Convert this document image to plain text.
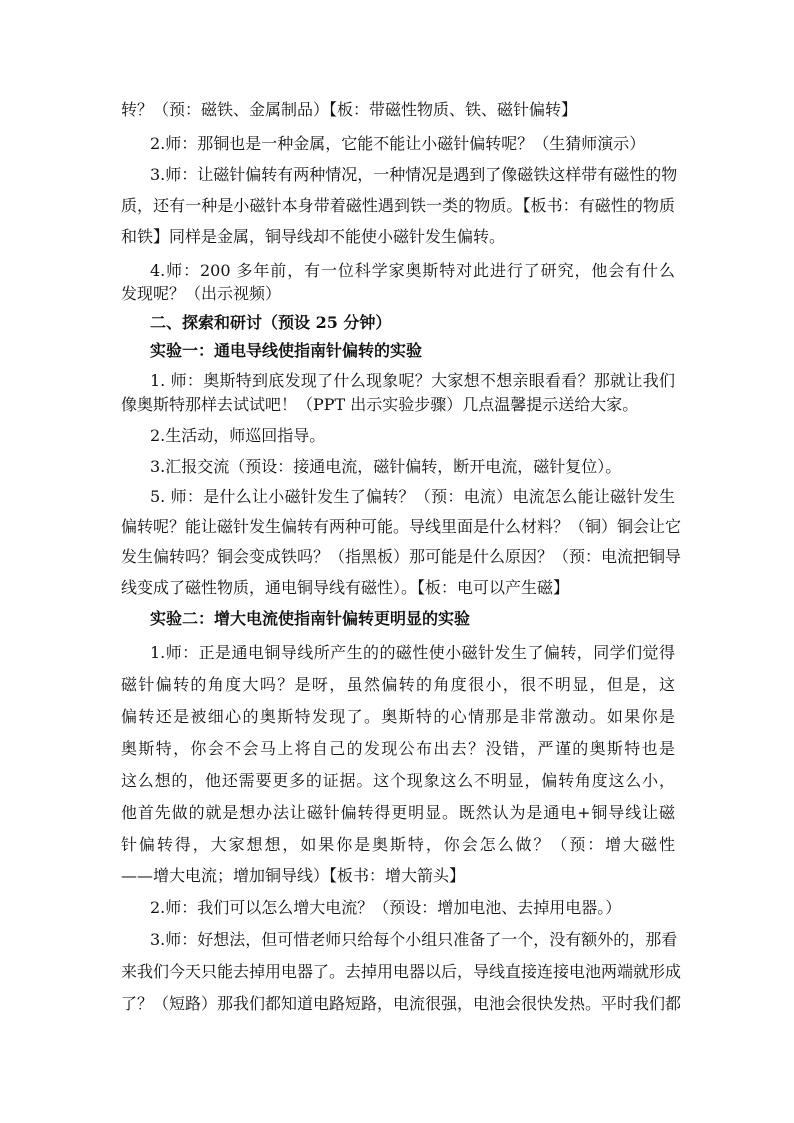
转？（预：磁铁、金属制品）【板：带磁性物质、铁、磁针偏转】
2.师：那铜也是一种金属，它能不能让小磁针偏转呢？（生猜师演示）
3.师：让磁针偏转有两种情况，一种情况是遇到了像磁铁这样带有磁性的物
质，还有一种是小磁针本身带着磁性遇到铁一类的物质。【板书：有磁性的物质
和铁】同样是金属，铜导线却不能使小磁针发生偏转。
4.师：200 多年前，有一位科学家奥斯特对此进行了研究，他会有什么
发现呢？（出示视频）
二、探索和研讨（预设 25 分钟）
实验一：通电导线使指南针偏转的实验
1. 师：奥斯特到底发现了什么现象呢？大家想不想亲眼看看？那就让我们
像奥斯特那样去试试吧！（PPT 出示实验步骤）几点温馨提示送给大家。
2.生活动，师巡回指导。
3.汇报交流（预设：接通电流，磁针偏转，断开电流，磁针复位）。
5. 师：是什么让小磁针发生了偏转？（预：电流）电流怎么能让磁针发生
偏转呢？能让磁针发生偏转有两种可能。导线里面是什么材料？（铜）铜会让它
发生偏转吗？铜会变成铁吗？（指黑板）那可能是什么原因？（预：电流把铜导
线变成了磁性物质，通电铜导线有磁性）。【板：电可以产生磁】
实验二：增大电流使指南针偏转更明显的实验
1.师：正是通电铜导线所产生的的磁性使小磁针发生了偏转，同学们觉得
磁针偏转的角度大吗？是呀，虽然偏转的角度很小，很不明显，但是，这
偏转还是被细心的奥斯特发现了。奥斯特的心情那是非常激动。如果你是
奥斯特，你会不会马上将自己的发现公布出去？没错，严谨的奥斯特也是
这么想的，他还需要更多的证据。这个现象这么不明显，偏转角度这么小，
他首先做的就是想办法让磁针偏转得更明显。既然认为是通电+铜导线让磁
针偏转得，大家想想，如果你是奥斯特，你会怎么做？（预：增大磁性
——增大电流；增加铜导线）【板书：增大箭头】
2.师：我们可以怎么增大电流？（预设：增加电池、去掉用电器。）
3.师：好想法，但可惜老师只给每个小组只准备了一个，没有额外的，那看
来我们今天只能去掉用电器了。去掉用电器以后，导线直接连接电池两端就形成
了？（短路）那我们都知道电路短路，电流很强，电池会很快发热。平时我们都
